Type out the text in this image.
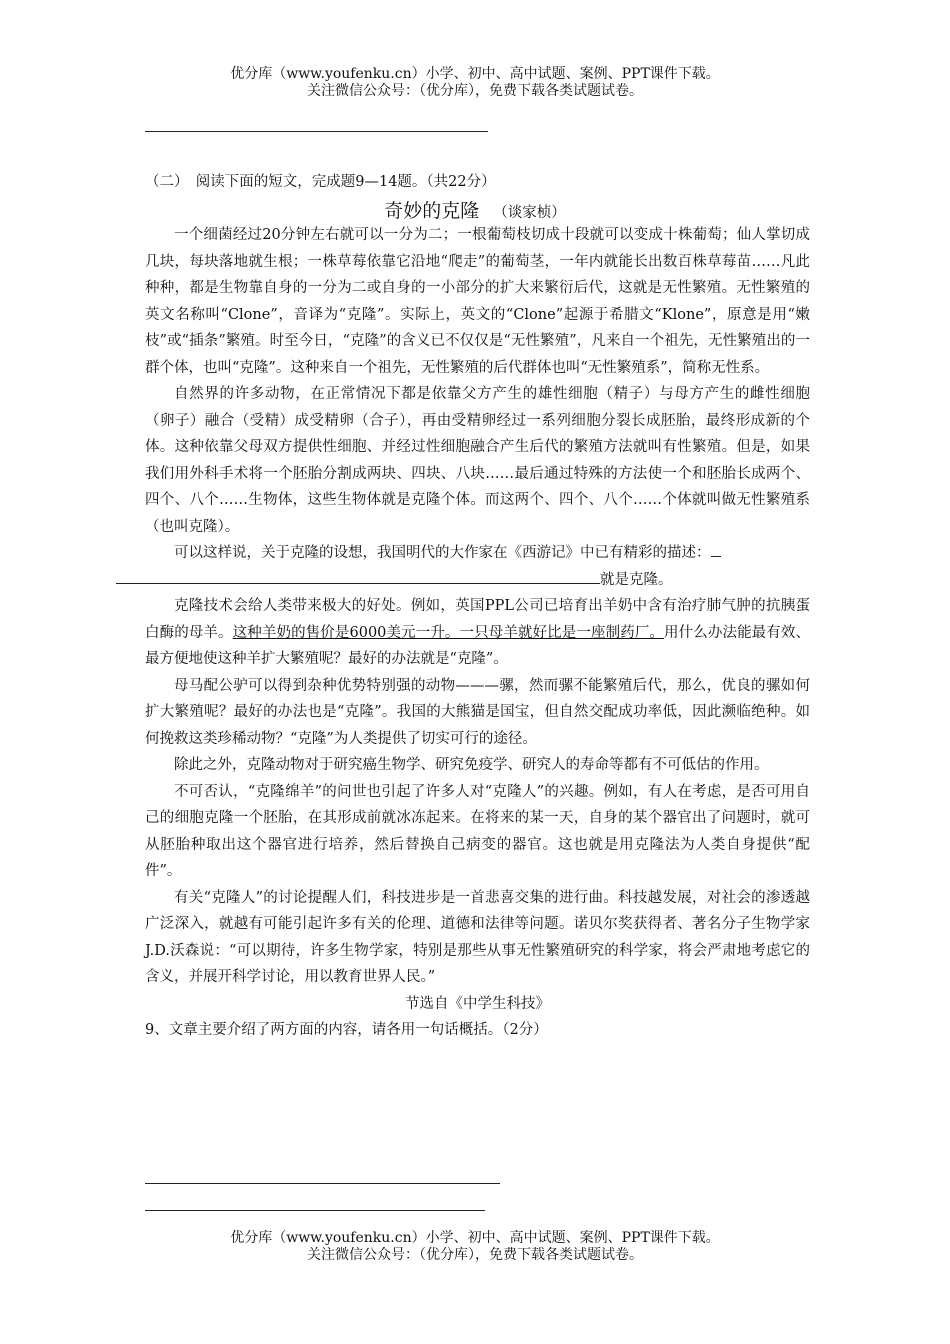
优分库（www.youfenku.cn）小学、初中、高中试题、案例、PPT课件下载。
关注微信公众号：（优分库），免费下载各类试题试卷。
（二）　阅读下面的短文，完成题9—14题。（共22分）
奇妙的克隆 （谈家桢）

一个细菌经过20分钟左右就可以一分为二；一根葡萄枝切成十段就可以变成十株葡萄；仙人掌切成几块，每块落地就生根；一株草莓依靠它沿地“爬走”的葡萄茎，一年内就能长出数百株草莓苗……凡此种种，都是生物靠自身的一分为二或自身的一小部分的扩大来繁衍后代，这就是无性繁殖。无性繁殖的英文名称叫“Clone”，音译为“克隆”。实际上，英文的“Clone”起源于希腊文“Klone”，原意是用“嫩枝”或“插条”繁殖。时至今日，“克隆”的含义已不仅仅是“无性繁殖”，凡来自一个祖先，无性繁殖出的一群个体，也叫“克隆”。这种来自一个祖先，无性繁殖的后代群体也叫“无性繁殖系”，简称无性系。

自然界的许多动物，在正常情况下都是依靠父方产生的雄性细胞（精子）与母方产生的雌性细胞（卵子）融合（受精）成受精卵（合子），再由受精卵经过一系列细胞分裂长成胚胎，最终形成新的个体。这种依靠父母双方提供性细胞、并经过性细胞融合产生后代的繁殖方法就叫有性繁殖。但是，如果我们用外科手术将一个胚胎分割成两块、四块、八块……最后通过特殊的方法使一个和胚胎长成两个、四个、八个……生物体，这些生物体就是克隆个体。而这两个、四个、八个……个体就叫做无性繁殖系（也叫克隆）。

可以这样说，关于克隆的设想，我国明代的大作家在《西游记》中已有精彩的描述：
就是克隆。

克隆技术会给人类带来极大的好处。例如，英国PPL公司已培育出羊奶中含有治疗肺气肿的抗胰蛋白酶的母羊。这种羊奶的售价是6000美元一升。一只母羊就好比是一座制药厂。用什么办法能最有效、最方便地使这种羊扩大繁殖呢？最好的办法就是“克隆”。

母马配公驴可以得到杂种优势特别强的动物———骡，然而骡不能繁殖后代，那么，优良的骡如何扩大繁殖呢？最好的办法也是“克隆”。我国的大熊猫是国宝，但自然交配成功率低，因此濒临绝种。如何挽救这类珍稀动物？“克隆”为人类提供了切实可行的途径。

除此之外，克隆动物对于研究癌生物学、研究免疫学、研究人的寿命等都有不可低估的作用。

不可否认，“克隆绵羊”的问世也引起了许多人对“克隆人”的兴趣。例如，有人在考虑，是否可用自己的细胞克隆一个胚胎，在其形成前就冰冻起来。在将来的某一天，自身的某个器官出了问题时，就可从胚胎种取出这个器官进行培养，然后替换自己病变的器官。这也就是用克隆法为人类自身提供“配件”。

有关“克隆人”的讨论提醒人们，科技进步是一首悲喜交集的进行曲。科技越发展，对社会的渗透越广泛深入，就越有可能引起许多有关的伦理、道德和法律等问题。诺贝尔奖获得者、著名分子生物学家J.D.沃森说：“可以期待，许多生物学家，特别是那些从事无性繁殖研究的科学家，将会严肃地考虑它的含义，并展开科学讨论，用以教育世界人民。”

节选自《中学生科技》

9、文章主要介绍了两方面的内容，请各用一句话概括。（2分）

优分库（www.youfenku.cn）小学、初中、高中试题、案例、PPT课件下载。
关注微信公众号：（优分库），免费下载各类试题试卷。
